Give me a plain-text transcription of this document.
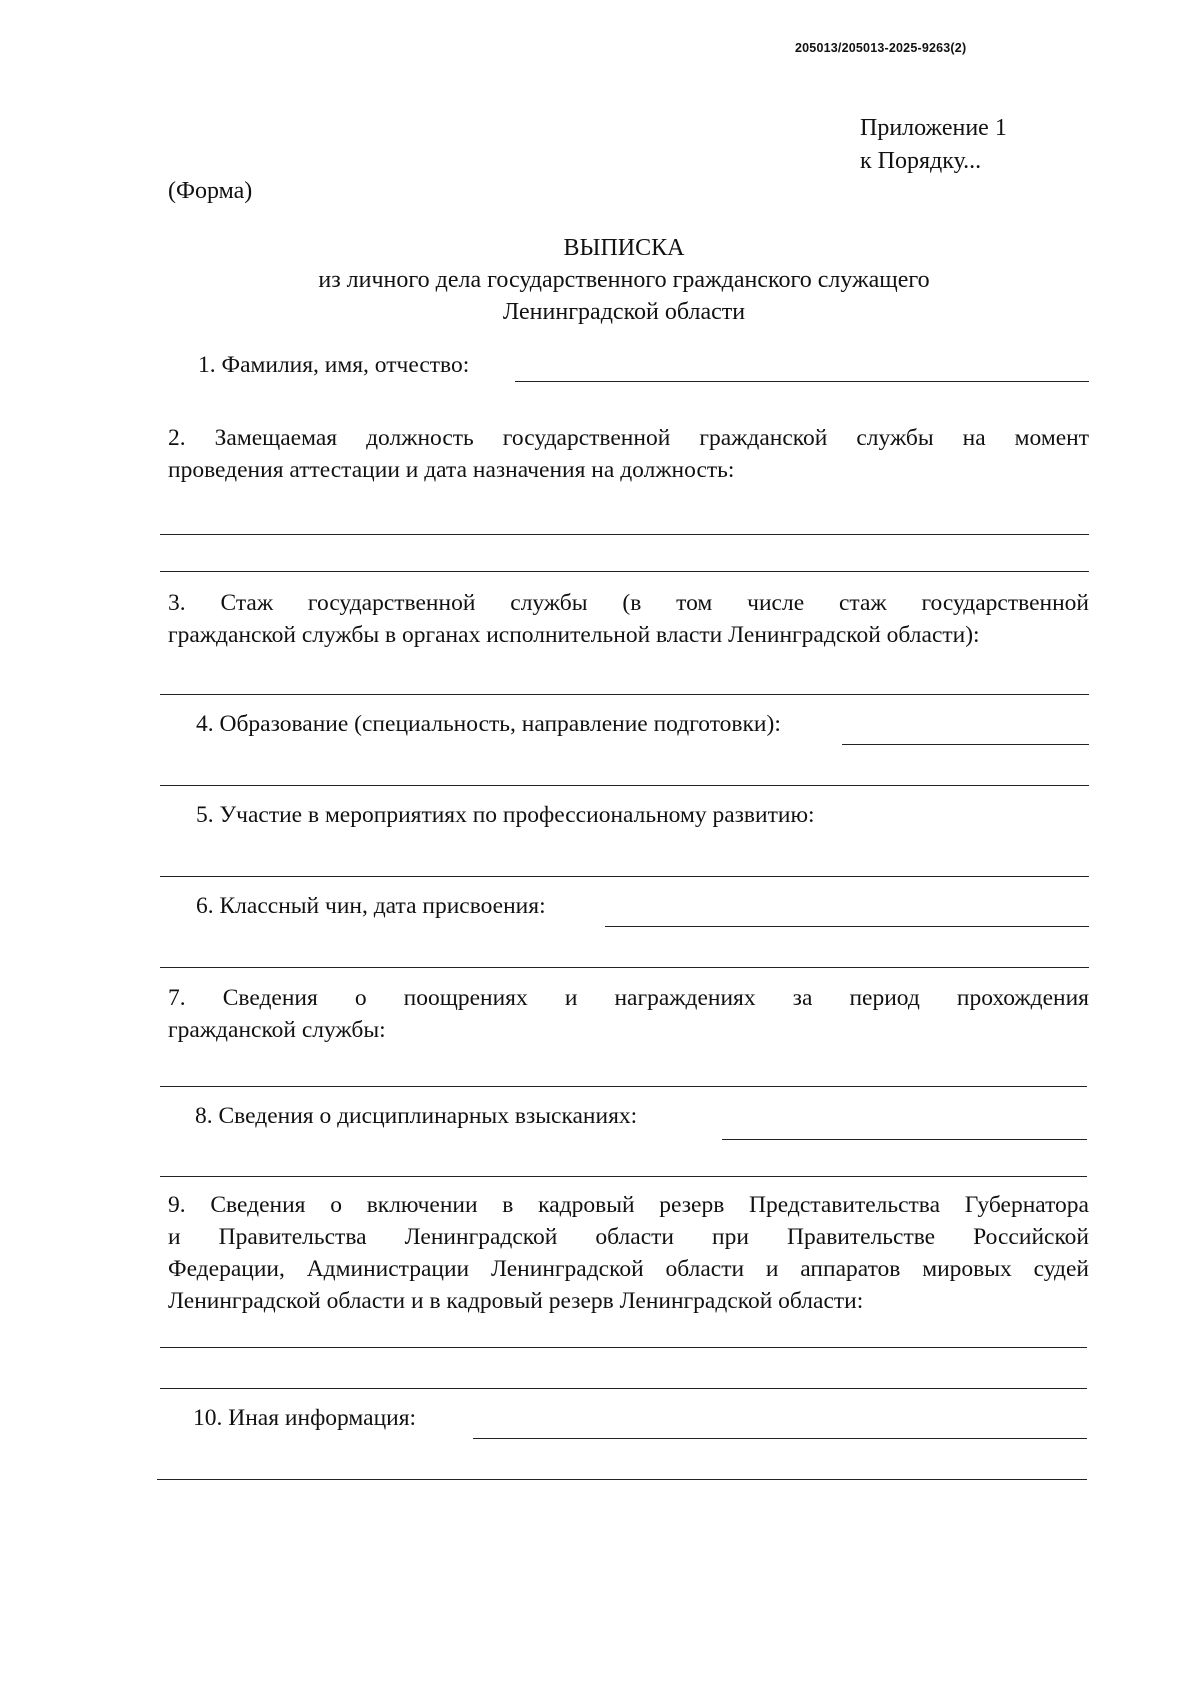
205013/205013-2025-9263(2)
Приложение 1
к Порядку...
(Форма)
ВЫПИСКА
из личного дела государственного гражданского служащего
Ленинградской области
1. Фамилия, имя, отчество:
2. Замещаемая должность государственной гражданской службы на момент
проведения аттестации и дата назначения на должность:
3. Стаж государственной службы (в том числе стаж государственной
гражданской службы в органах исполнительной власти Ленинградской области):
4. Образование (специальность, направление подготовки):
5. Участие в мероприятиях по профессиональному развитию:
6. Классный чин, дата присвоения:
7. Сведения о поощрениях и награждениях за период прохождения
гражданской службы:
8. Сведения о дисциплинарных взысканиях:
9. Сведения о включении в кадровый резерв Представительства Губернатора
и Правительства Ленинградской области при Правительстве Российской
Федерации, Администрации Ленинградской области и аппаратов мировых судей
Ленинградской области и в кадровый резерв Ленинградской области:
10. Иная информация:
